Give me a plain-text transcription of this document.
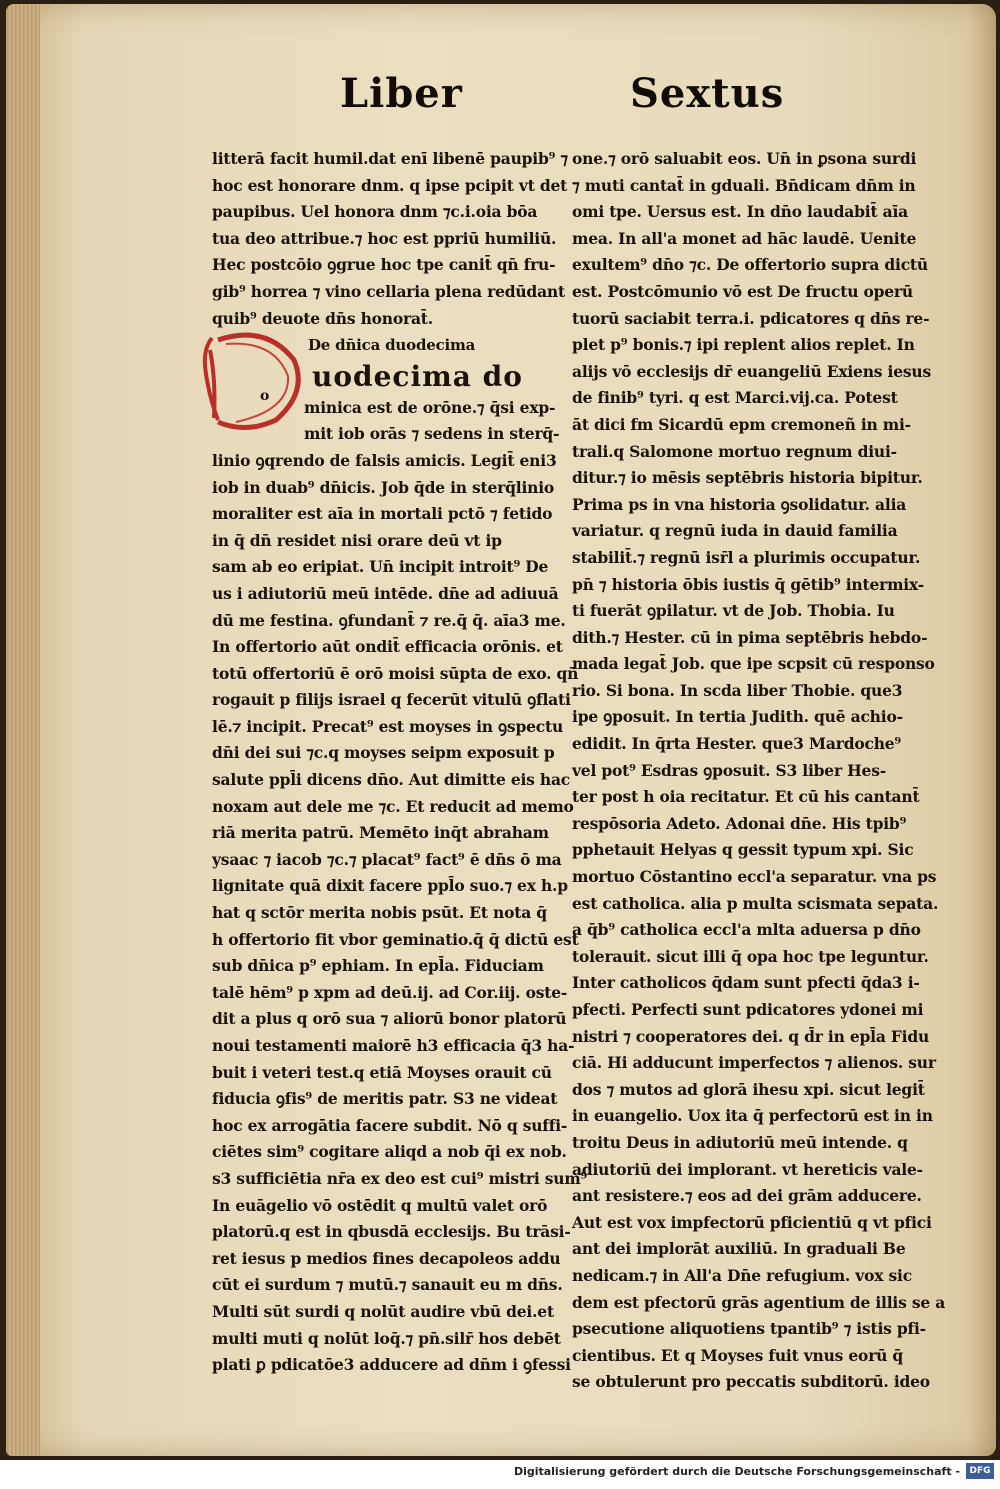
Liber	Sextus
o
litterā facit humil.dat enī libenē paupib⁹ ⁊
hoc est honorare dnm. q ipse pcipit vt det
paupibus. Uel honora dnm ⁊c.i.oia bōa
tua deo attribue.⁊ hoc est ppriū humiliū.
Hec postcōio ꝯgrue hoc tpe canit̄ qn̄ fru-
gib⁹ horrea ⁊ vino cellaria plena redūdant
quib⁹ deuote dn̄s honorat̄.
De dn̄ica duodecima
uodecima do
minica est de orōne.⁊ q̄si exp-
mit iob orās ⁊ sedens in sterq̄-
linio ꝯqrendo de falsis amicis. Legit̄ eni3
iob in duab⁹ dn̄icis. Job q̄de in sterq̄linio
moraliter est aīa in mortali pctō ⁊ fetido
in q̄ dn̄ residet nisi orare deū vt ip
sam ab eo eripiat. Un̄ incipit introit⁹ De
us i adiutoriū meū intēde. dn̄e ad adiuuā
dū me festina. ꝯfundant̄ ⁊ re.q̄ q̄. aīa3 me.
In offertorio aūt ondit̄ efficacia orōnis. et
totū offertoriū ē orō moisi sūpta de exo. qn̄
rogauit p filijs israel q fecerūt vitulū ꝯflati
lē.⁊ incipit. Precat⁹ est moyses in ꝯspectu
dn̄i dei sui ⁊c.q moyses seipm exposuit p
salute ppl̄i dicens dn̄o. Aut dimitte eis hac
noxam aut dele me ⁊c. Et reducit ad memo
riā merita patrū. Memēto inq̄t abraham
ysaac ⁊ iacob ⁊c.⁊ placat⁹ fact⁹ ē dn̄s ō ma
lignitate quā dixit facere ppl̄o suo.⁊ ex h.p
hat q sctōr merita nobis psūt. Et nota q̄
h offertorio fit vbor geminatio.q̄ q̄ dictū est
sub dn̄ica p⁹ ephiam. In epl̄a. Fiduciam
talē hēm⁹ p xpm ad deū.ij. ad Cor.iij. oste-
dit a plus q orō sua ⁊ aliorū bonor platorū
noui testamenti maiorē h3 efficacia q̄3 ha-
buit i veteri test.q etiā Moyses orauit cū
fiducia ꝯfis⁹ de meritis patr. S3 ne videat
hoc ex arrogātia facere subdit. Nō q suffi-
ciētes sim⁹ cogitare aliqd a nob q̄i ex nob.
s3 sufficiētia nr̄a ex deo est cui⁹ mistri sum⁹
In euāgelio vō ostēdit q multū valet orō
platorū.q est in qbusdā ecclesijs. Bu trāsi-
ret iesus p medios fines decapoleos addu
cūt ei surdum ⁊ mutū.⁊ sanauit eu m dn̄s.
Multi sūt surdi q nolūt audire vbū dei.et
multi muti q nolūt loq̄.⁊ pn̄.silr̄ hos debēt
plati ꝑ pdicatōe3 adducere ad dn̄m i ꝯfessi
one.⁊ orō saluabit eos. Un̄ in ꝑsona surdi
⁊ muti cantat̄ in gduali. Bn̄dicam dn̄m in
omi tpe. Uersus est. In dn̄o laudabit̄ aīa
mea. In all'a monet ad hāc laudē. Uenite
exultem⁹ dn̄o ⁊c. De offertorio supra dictū
est. Postcōmunio vō est De fructu operū
tuorū saciabit terra.i. pdicatores q dn̄s re-
plet p⁹ bonis.⁊ ipi replent alios replet. In
alijs vō ecclesijs dr̄ euangeliū Exiens iesus
de finib⁹ tyri. q est Marci.vij.ca. Potest
āt dici fm Sicardū epm cremoneñ in mi-
trali.q Salomone mortuo regnum diui-
ditur.⁊ io mēsis septēbris historia bipitur.
Prima ps in vna historia ꝯsolidatur. alia
variatur. q regnū iuda in dauid familia
stabilit̄.⁊ regnū isr̄l a plurimis occupatur.
pn̄ ⁊ historia ōbis iustis q̄ gētib⁹ intermix-
ti fuerāt ꝯpilatur. vt de Job. Thobia. Iu
dith.⁊ Hester. cū in pima septēbris hebdo-
mada legat̄ Job. que ipe scpsit cū responso
rio. Si bona. In scda liber Thobie. que3
ipe ꝯposuit. In tertia Judith. quē achio-
edidit. In q̄rta Hester. que3 Mardoche⁹
vel pot⁹ Esdras ꝯposuit. S3 liber Hes-
ter post h oia recitatur. Et cū his cantant̄
respōsoria Adeto. Adonai dn̄e. His tpib⁹
pphetauit Helyas q gessit typum xpi. Sic
mortuo Cōstantino eccl'a separatur. vna ps
est catholica. alia p multa scismata sepata.
a q̄b⁹ catholica eccl'a mlta aduersa p dn̄o
tolerauit. sicut illi q̄ opa hoc tpe leguntur.
Inter catholicos q̄dam sunt pfecti q̄da3 i-
pfecti. Perfecti sunt pdicatores ydonei mi
nistri ⁊ cooperatores dei. q d̄r in epl̄a Fidu
ciā. Hi adducunt imperfectos ⁊ alienos. sur
dos ⁊ mutos ad glorā ihesu xpi. sicut legit̄
in euangelio. Uox ita q̄ perfectorū est in in
troitu Deus in adiutoriū meū intende. q
adiutoriū dei implorant. vt hereticis vale-
ant resistere.⁊ eos ad dei grām adducere.
Aut est vox impfectorū pficientiū q vt pfici
ant dei implorāt auxiliū. In graduali Be
nedicam.⁊ in All'a Dn̄e refugium. vox sic
dem est pfectorū grās agentium de illis se a
psecutione aliquotiens tpantib⁹ ⁊ istis pfi-
cientibus. Et q Moyses fuit vnus eorū q̄
se obtulerunt pro peccatis subditorū. ideo
Digitalisierung gefördert durch die Deutsche Forschungsgemeinschaft -	DFG
